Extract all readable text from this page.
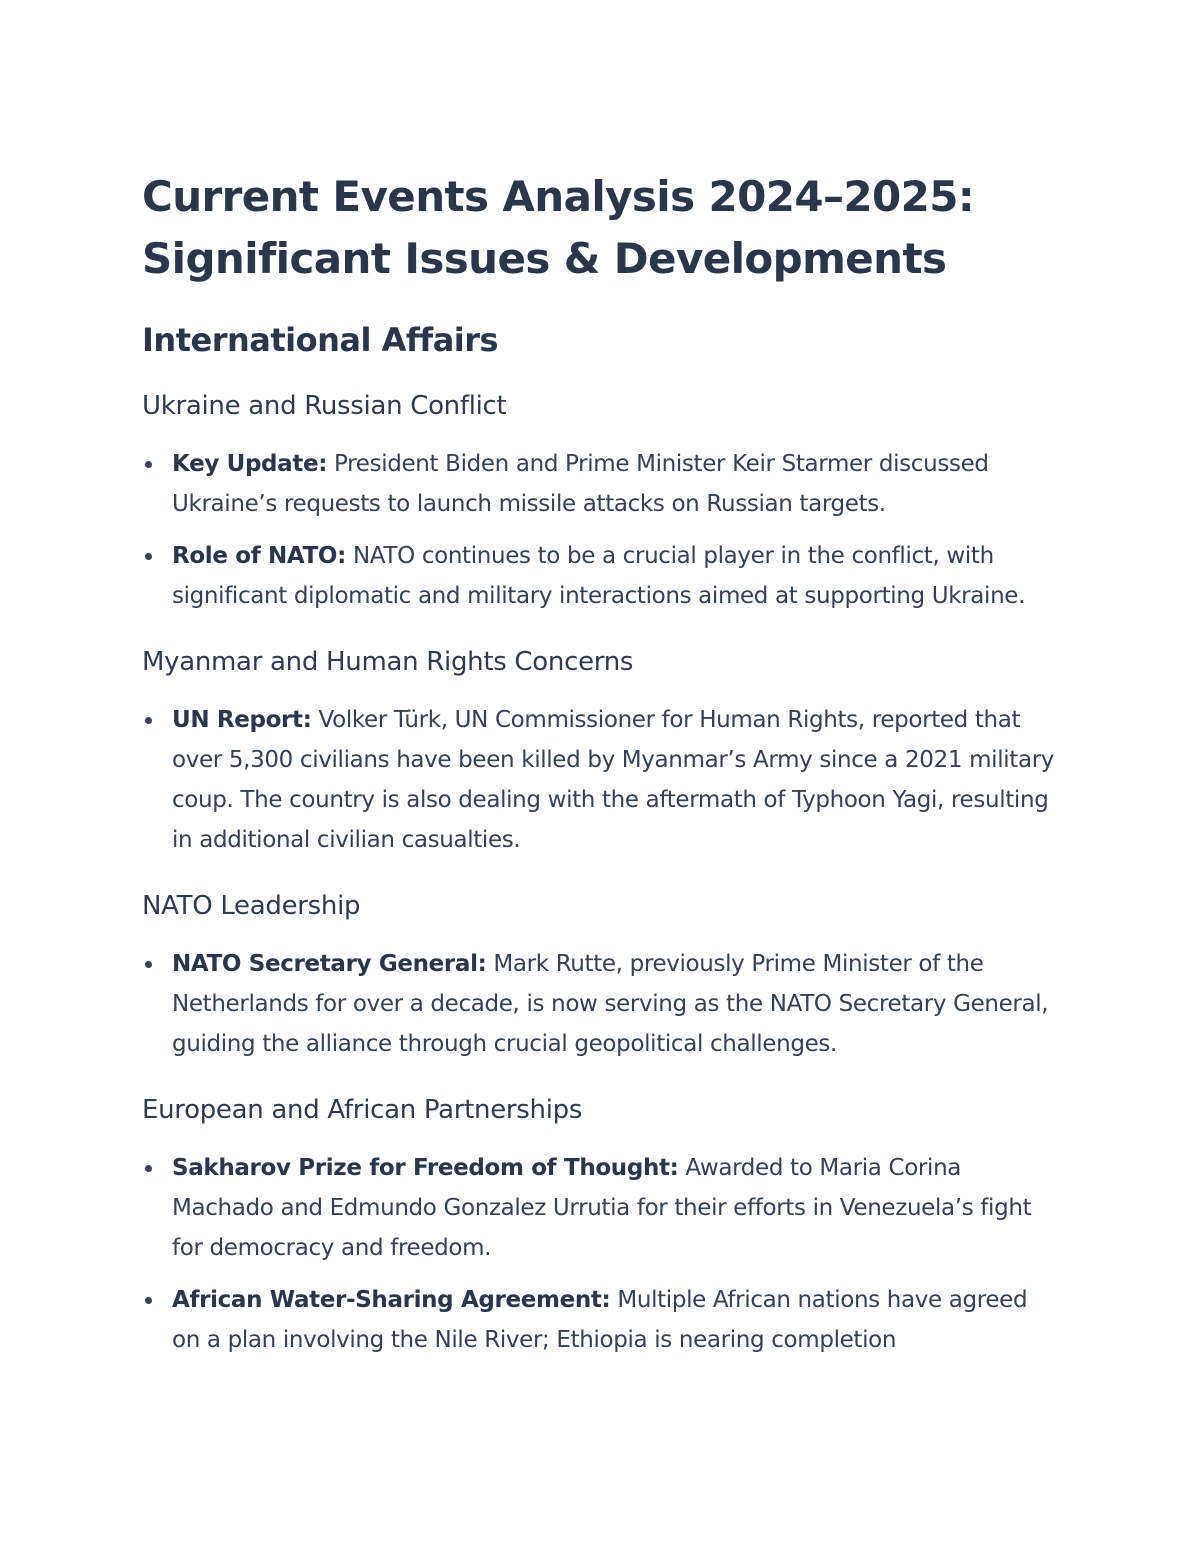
Current Events Analysis 2024–2025:
Significant Issues & Developments
International Affairs
Ukraine and Russian Conflict
Key Update: President Biden and Prime Minister Keir Starmer discussed Ukraine’s requests to launch missile attacks on Russian targets.
Role of NATO: NATO continues to be a crucial player in the conflict, with significant diplomatic and military interactions aimed at supporting Ukraine.
Myanmar and Human Rights Concerns
UN Report: Volker Türk, UN Commissioner for Human Rights, reported that over 5,300 civilians have been killed by Myanmar’s Army since a 2021 military coup. The country is also dealing with the aftermath of Typhoon Yagi, resulting in additional civilian casualties.
NATO Leadership
NATO Secretary General: Mark Rutte, previously Prime Minister of the Netherlands for over a decade, is now serving as the NATO Secretary General, guiding the alliance through crucial geopolitical challenges.
European and African Partnerships
Sakharov Prize for Freedom of Thought: Awarded to Maria Corina Machado and Edmundo Gonzalez Urrutia for their efforts in Venezuela’s fight for democracy and freedom.
African Water-Sharing Agreement: Multiple African nations have agreed on a plan involving the Nile River; Ethiopia is nearing completion
